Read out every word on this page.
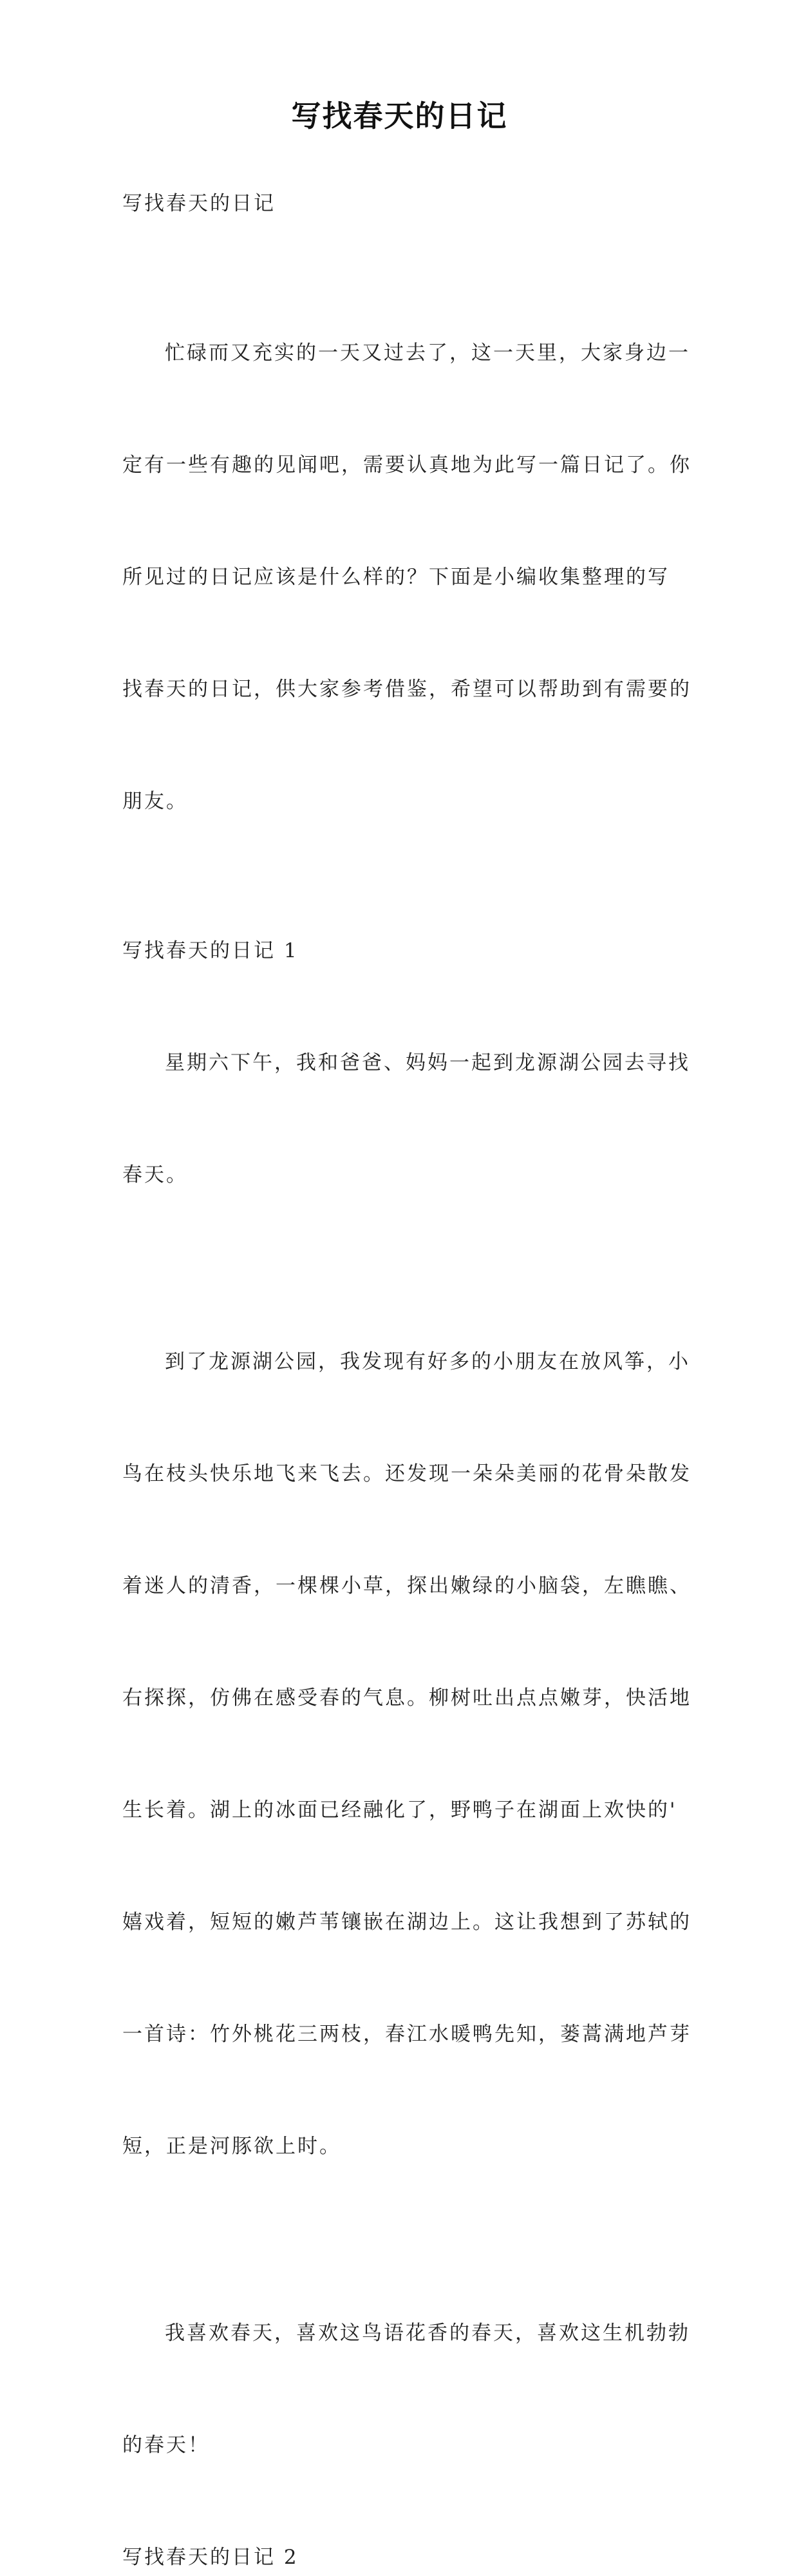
写找春天的日记

写找春天的日记

忙碌而又充实的一天又过去了，这一天里，大家身边一

定有一些有趣的见闻吧，需要认真地为此写一篇日记了。你

所见过的日记应该是什么样的？下面是小编收集整理的写

找春天的日记，供大家参考借鉴，希望可以帮助到有需要的

朋友。

写找春天的日记 1

星期六下午，我和爸爸、妈妈一起到龙源湖公园去寻找

春天。

到了龙源湖公园，我发现有好多的小朋友在放风筝，小

鸟在枝头快乐地飞来飞去。还发现一朵朵美丽的花骨朵散发

着迷人的清香，一棵棵小草，探出嫩绿的小脑袋，左瞧瞧、

右探探，仿佛在感受春的气息。柳树吐出点点嫩芽，快活地

生长着。湖上的冰面已经融化了，野鸭子在湖面上欢快的'

嬉戏着，短短的嫩芦苇镶嵌在湖边上。这让我想到了苏轼的

一首诗：竹外桃花三两枝，春江水暖鸭先知，蒌蒿满地芦芽

短，正是河豚欲上时。

我喜欢春天，喜欢这鸟语花香的春天，喜欢这生机勃勃

的春天！

写找春天的日记 2
